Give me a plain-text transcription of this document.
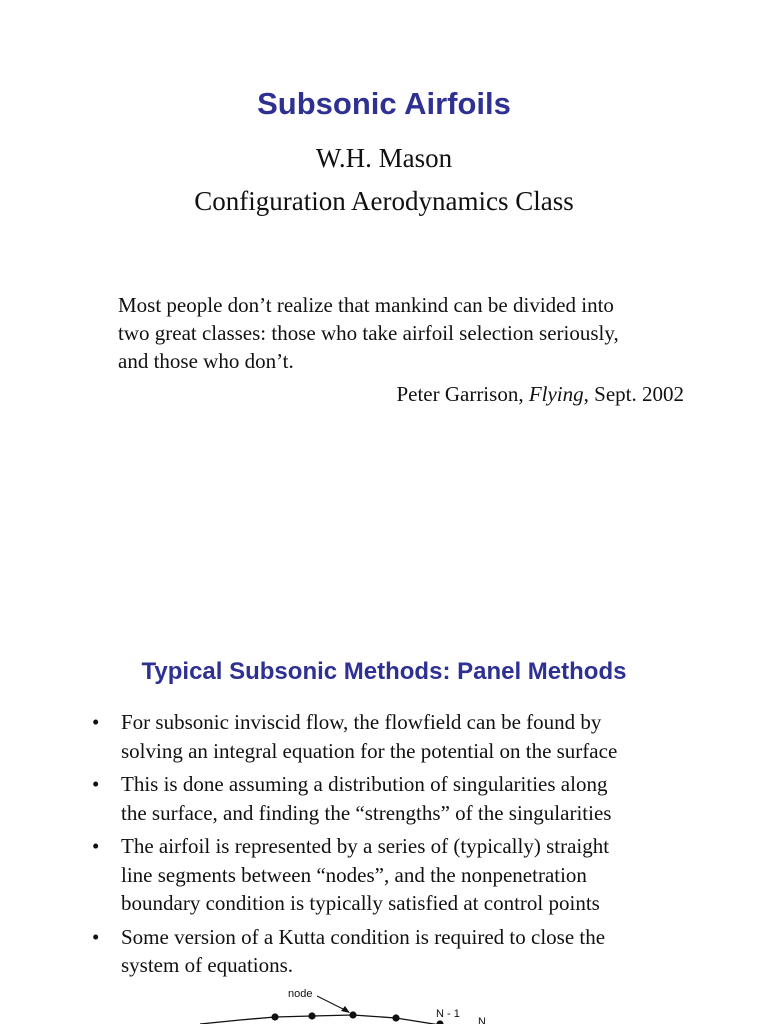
Subsonic Airfoils

W.H. Mason

Configuration Aerodynamics Class

Most people don’t realize that mankind can be divided into
two great classes: those who take airfoil selection seriously,
and those who don’t.

Peter Garrison, Flying, Sept. 2002

Typical Subsonic Methods: Panel Methods
• For subsonic inviscid flow, the flowfield can be found by
solving an integral equation for the potential on the surface
• This is done assuming a distribution of singularities along
the surface, and finding the “strengths” of the singularities
• The airfoil is represented by a series of (typically) straight
line segments between “nodes”, and the nonpenetration
boundary condition is typically satisfied at control points
• Some version of a Kutta condition is required to close the
system of equations.
node
N - 1
N
